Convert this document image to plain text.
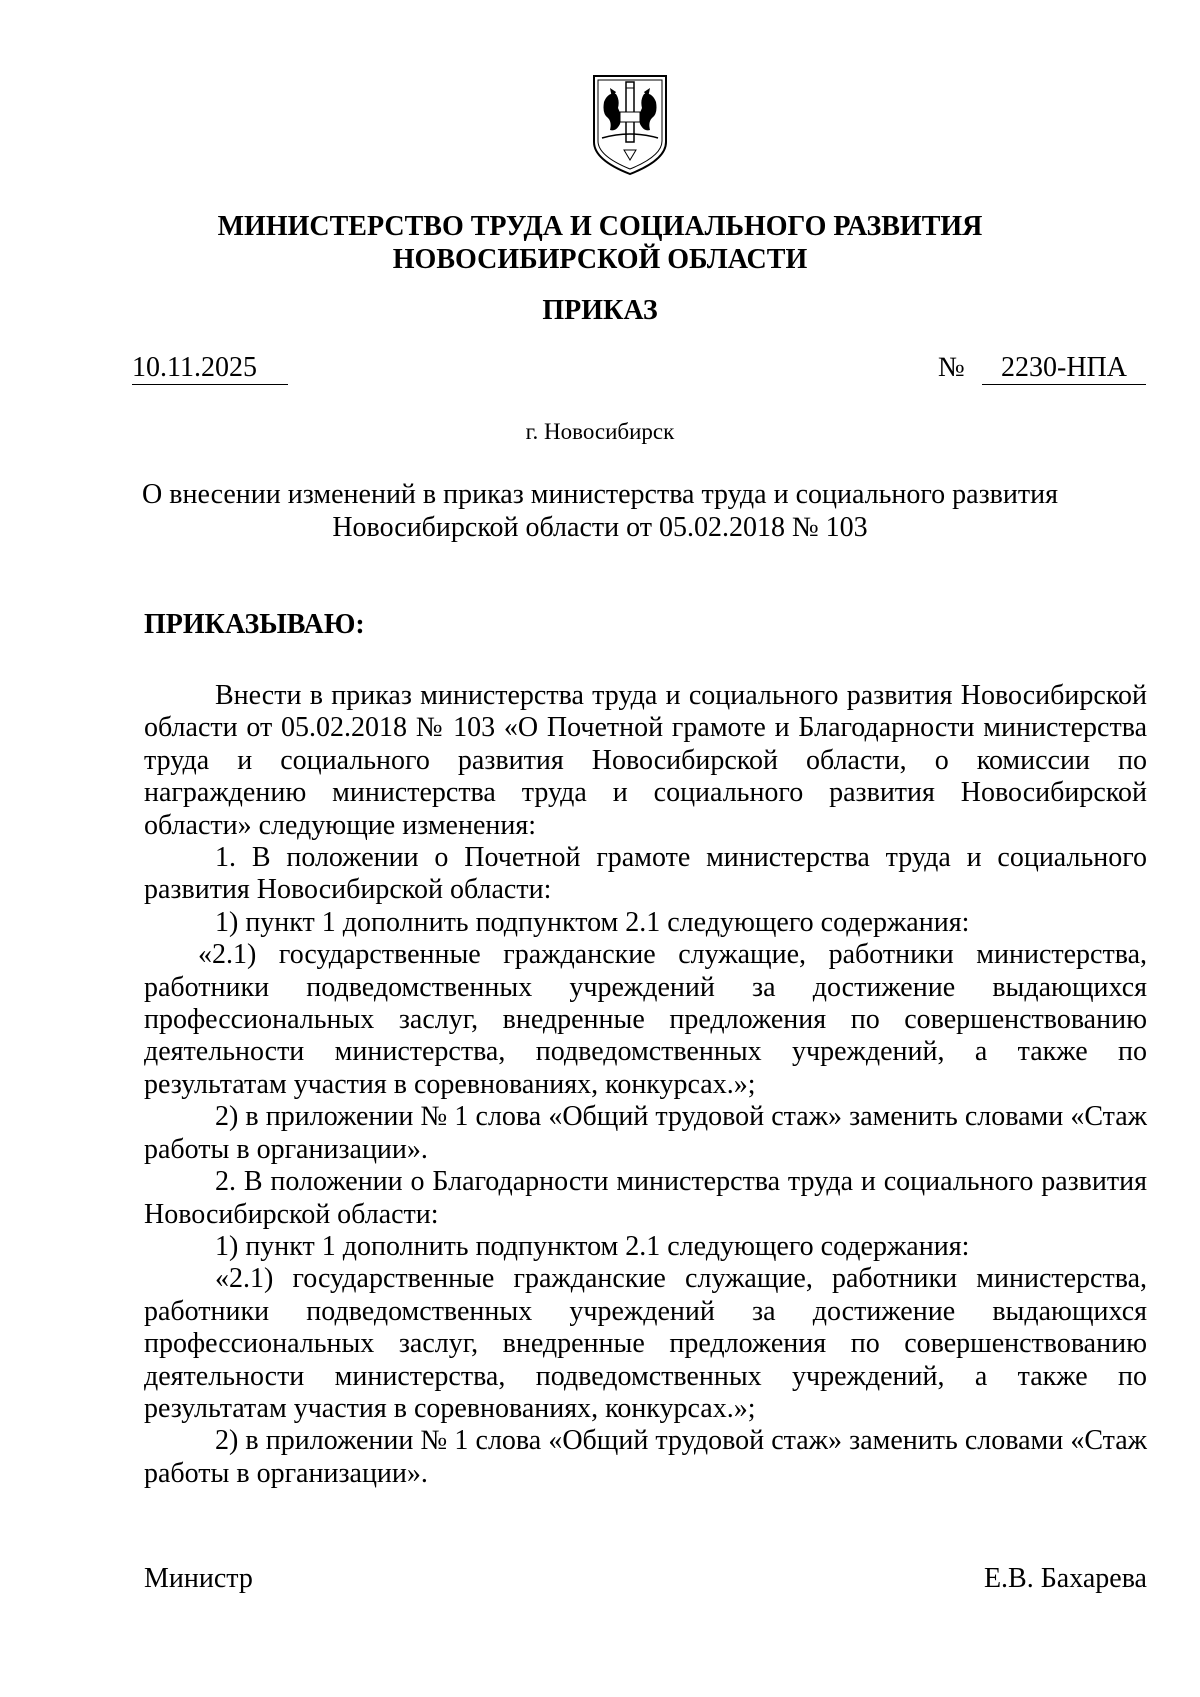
МИНИСТЕРСТВО ТРУДА И СОЦИАЛЬНОГО РАЗВИТИЯ
НОВОСИБИРСКОЙ ОБЛАСТИ
ПРИКАЗ
10.11.2025	№	2230-НПА
г. Новосибирск
О внесении изменений в приказ министерства труда и социального развития
Новосибирской области от 05.02.2018 № 103
ПРИКАЗЫВАЮ:

Внести в приказ министерства труда и социального развития Новосибирской области от 05.02.2018 № 103 «О Почетной грамоте и Благодарности министерства труда и социального развития Новосибирской области, о комиссии по награждению министерства труда и социального развития Новосибирской области» следующие изменения:

1. В положении о Почетной грамоте министерства труда и социального развития Новосибирской области:

1) пункт 1 дополнить подпунктом 2.1 следующего содержания:

«2.1) государственные гражданские служащие, работники министерства, работники подведомственных учреждений за достижение выдающихся профессиональных заслуг, внедренные предложения по совершенствованию деятельности министерства, подведомственных учреждений, а также по результатам участия в соревнованиях, конкурсах.»;

2) в приложении № 1 слова «Общий трудовой стаж» заменить словами «Стаж работы в организации».

2. В положении о Благодарности министерства труда и социального развития Новосибирской области:

1) пункт 1 дополнить подпунктом 2.1 следующего содержания:

«2.1) государственные гражданские служащие, работники министерства, работники подведомственных учреждений за достижение выдающихся профессиональных заслуг, внедренные предложения по совершенствованию деятельности министерства, подведомственных учреждений, а также по результатам участия в соревнованиях, конкурсах.»;

2) в приложении № 1 слова «Общий трудовой стаж» заменить словами «Стаж работы в организации».

Министр	Е.В. Бахарева
